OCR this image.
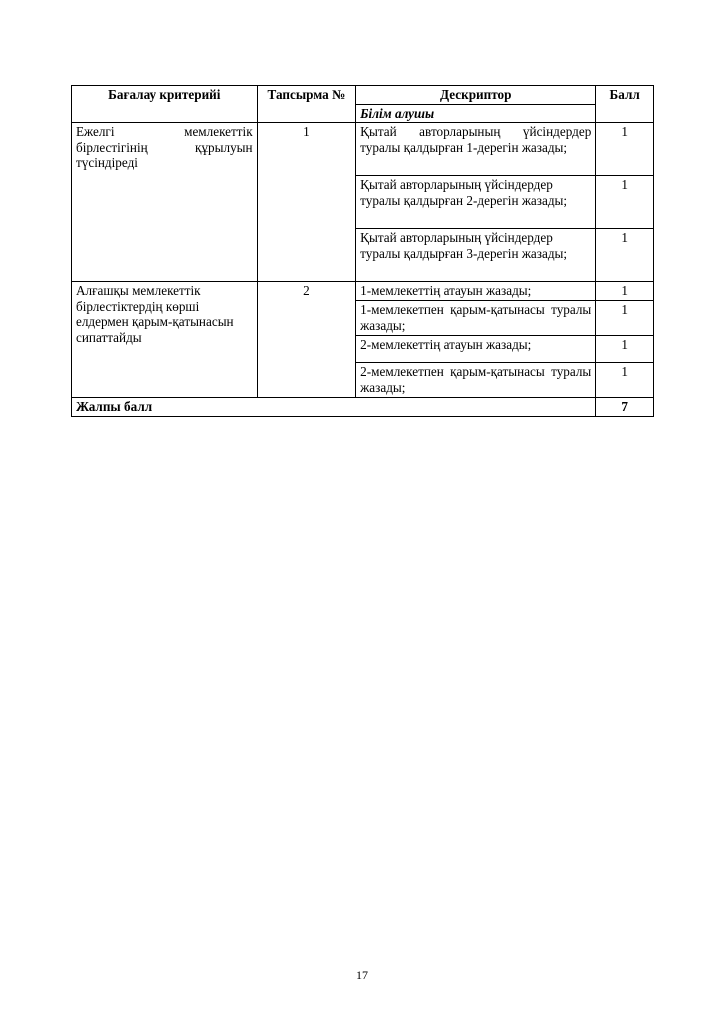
Бағалау критерийі	Тапсырма №	Дескриптор	Балл
		Білім алушы	

Ежелгі мемлекеттік
бірлестігінің құрылуын
түсіндіреді	1	Қытай авторларының үйсіндердер туралы қалдырған 1-дерегін жазады;	1
		Қытай авторларының үйсіндердер туралы қалдырған 2-дерегін жазады;	1
		Қытай авторларының үйсіндердер туралы қалдырған 3-дерегін жазады;	1
Алғашқы мемлекеттік бірлестіктердің көрші елдермен қарым-қатынасын сипаттайды	2	1-мемлекеттің атауын жазады;	1
		1-мемлекетпен қарым-қатынасы туралы жазады;	1
		2-мемлекеттің атауын жазады;	1
		2-мемлекетпен қарым-қатынасы туралы жазады;	1
Жалпы балл			7
17
